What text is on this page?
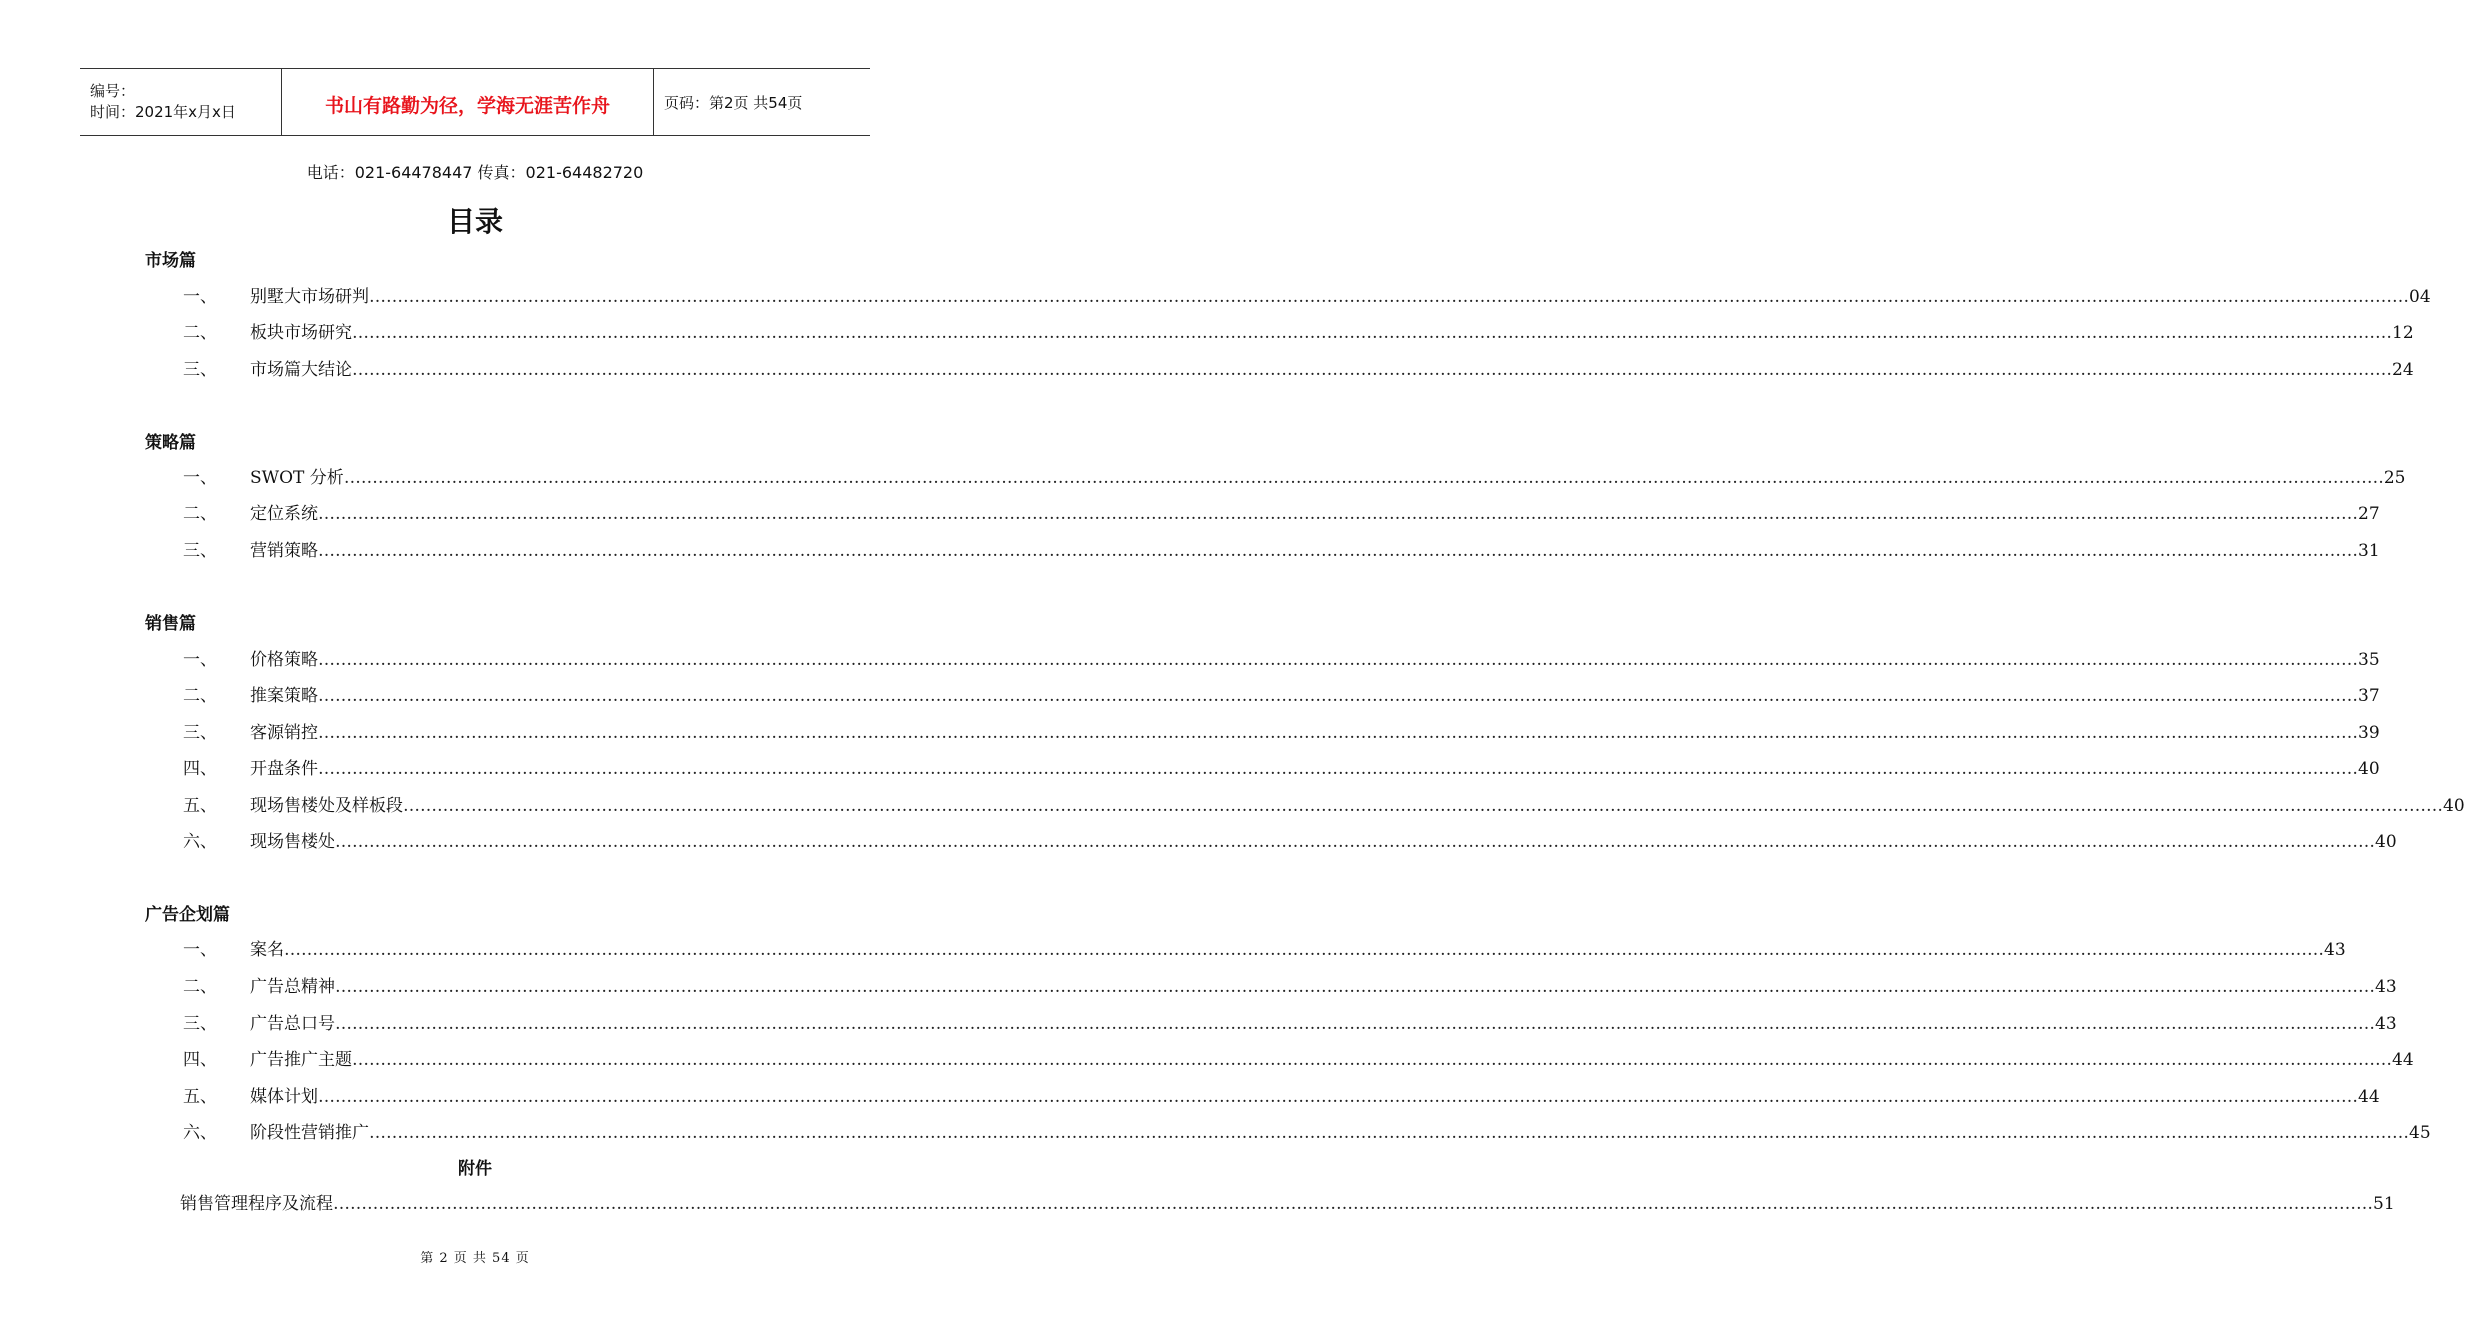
编号：
时间：2021年x月x日	书山有路勤为径，学海无涯苦作舟	页码：第2页 共54页
电话：021-64478447 传真：021-64482720
目录
市场篇
一、	别墅大市场研判 ……………………………………………………………………………………………………………………………………………………………………………………………………………………………………………………………………………………………………………………………… 04
二、	板块市场研究 ……………………………………………………………………………………………………………………………………………………………………………………………………………………………………………………………………………………………………………………………… 12
三、	市场篇大结论 ……………………………………………………………………………………………………………………………………………………………………………………………………………………………………………………………………………………………………………………………… 24
策略篇
一、	SWOT 分析 ……………………………………………………………………………………………………………………………………………………………………………………………………………………………………………………………………………………………………………………………… 25
二、	定位系统 ……………………………………………………………………………………………………………………………………………………………………………………………………………………………………………………………………………………………………………………………… 27
三、	营销策略 ……………………………………………………………………………………………………………………………………………………………………………………………………………………………………………………………………………………………………………………………… 31
销售篇
一、	价格策略 ……………………………………………………………………………………………………………………………………………………………………………………………………………………………………………………………………………………………………………………………… 35
二、	推案策略 ……………………………………………………………………………………………………………………………………………………………………………………………………………………………………………………………………………………………………………………………… 37
三、	客源销控 ……………………………………………………………………………………………………………………………………………………………………………………………………………………………………………………………………………………………………………………………… 39
四、	开盘条件 ……………………………………………………………………………………………………………………………………………………………………………………………………………………………………………………………………………………………………………………………… 40
五、	现场售楼处及样板段 ……………………………………………………………………………………………………………………………………………………………………………………………………………………………………………………………………………………………………………………………… 40
六、	现场售楼处 ……………………………………………………………………………………………………………………………………………………………………………………………………………………………………………………………………………………………………………………………… 40
广告企划篇
一、	案名 ……………………………………………………………………………………………………………………………………………………………………………………………………………………………………………………………………………………………………………………………… 43
二、	广告总精神 ……………………………………………………………………………………………………………………………………………………………………………………………………………………………………………………………………………………………………………………………… 43
三、	广告总口号 ……………………………………………………………………………………………………………………………………………………………………………………………………………………………………………………………………………………………………………………………… 43
四、	广告推广主题 ……………………………………………………………………………………………………………………………………………………………………………………………………………………………………………………………………………………………………………………………… 44
五、	媒体计划 ……………………………………………………………………………………………………………………………………………………………………………………………………………………………………………………………………………………………………………………………… 44
六、	阶段性营销推广 ……………………………………………………………………………………………………………………………………………………………………………………………………………………………………………………………………………………………………………………………… 45
附件
销售管理程序及流程 ……………………………………………………………………………………………………………………………………………………………………………………………………………………………………………………………………………………………………………………………… 51
第 2 页 共 54 页
